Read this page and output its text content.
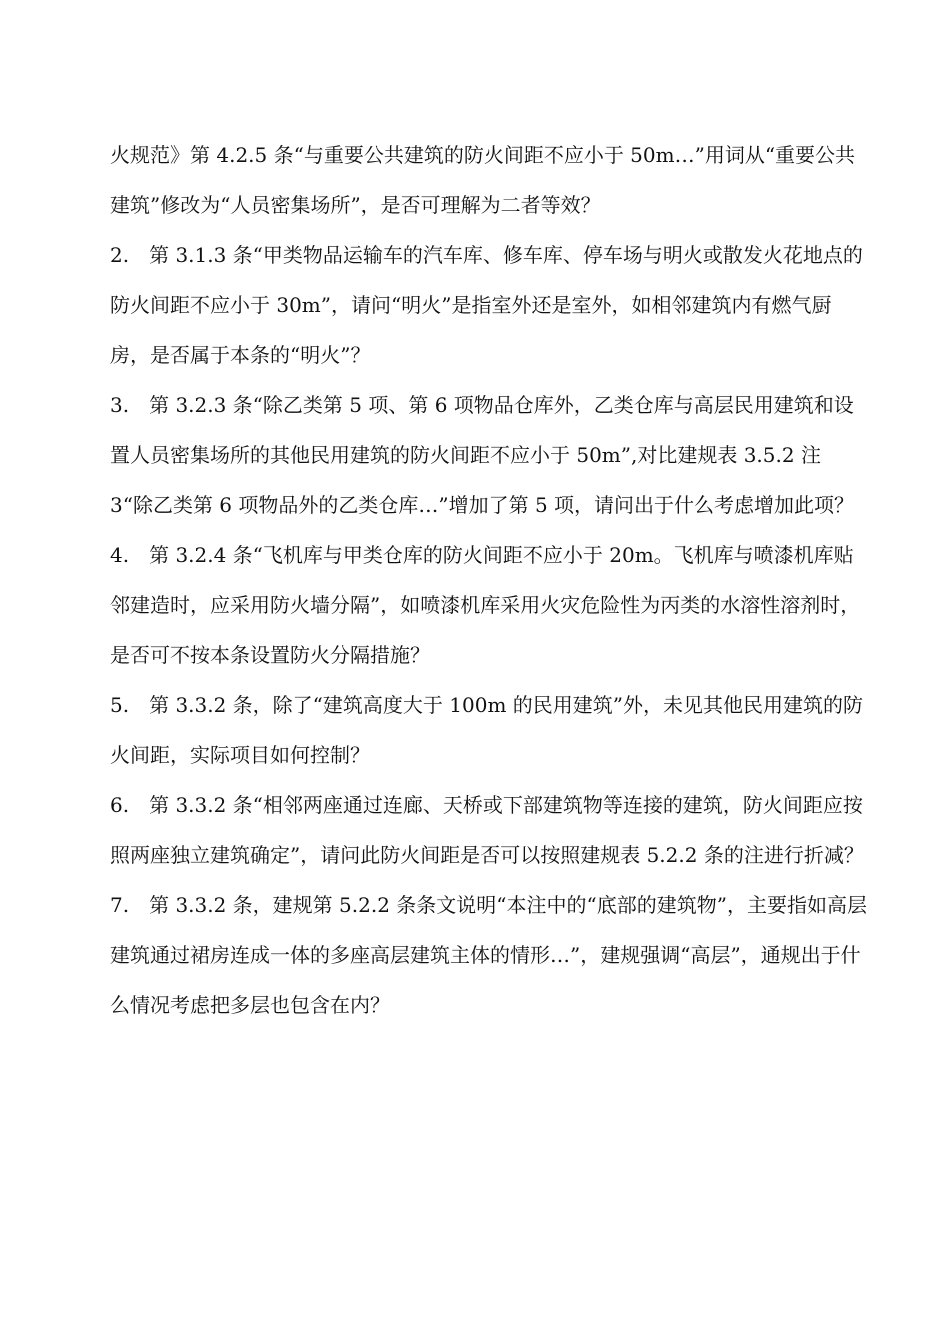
火规范》第 4.2.5 条“与重要公共建筑的防火间距不应小于 50m…”用词从“重要公共建筑”修改为“人员密集场所”，是否可理解为二者等效？

2.　第 3.1.3 条“甲类物品运输车的汽车库、修车库、停车场与明火或散发火花地点的防火间距不应小于 30m”，请问“明火”是指室外还是室外，如相邻建筑内有燃气厨房，是否属于本条的“明火”？

3.　第 3.2.3 条“除乙类第 5 项、第 6 项物品仓库外，乙类仓库与高层民用建筑和设置人员密集场所的其他民用建筑的防火间距不应小于 50m”,对比建规表 3.5.2 注 3“除乙类第 6 项物品外的乙类仓库…”增加了第 5 项，请问出于什么考虑增加此项？

4.　第 3.2.4 条“飞机库与甲类仓库的防火间距不应小于 20m。飞机库与喷漆机库贴邻建造时，应采用防火墙分隔”，如喷漆机库采用火灾危险性为丙类的水溶性溶剂时，是否可不按本条设置防火分隔措施？

5.　第 3.3.2 条，除了“建筑高度大于 100m 的民用建筑”外，未见其他民用建筑的防火间距，实际项目如何控制？

6.　第 3.3.2 条“相邻两座通过连廊、天桥或下部建筑物等连接的建筑，防火间距应按照两座独立建筑确定”，请问此防火间距是否可以按照建规表 5.2.2 条的注进行折减？

7.　第 3.3.2 条，建规第 5.2.2 条条文说明“本注中的“底部的建筑物”，主要指如高层建筑通过裙房连成一体的多座高层建筑主体的情形…”，建规强调“高层”，通规出于什么情况考虑把多层也包含在内？
